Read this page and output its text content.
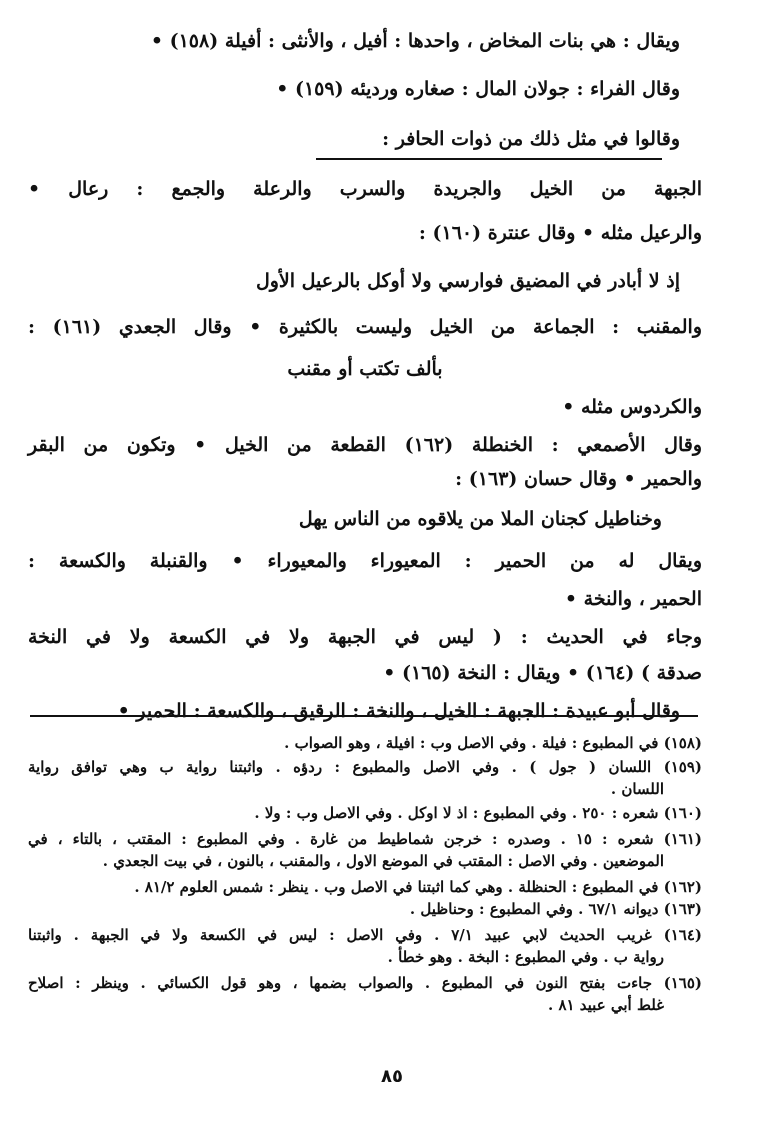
ويقال : هي بنات المخاض ، واحدها : أفيل ، والأنثى : أفيلة (١٥٨) •
وقال الفراء : جولان المال : صغاره ورديئه (١٥٩) •
وقالوا في مثل ذلك من ذوات الحافر :
الجبهة من الخيل والجريدة والسرب والرعلة والجمع : رعال •
والرعيل مثله • وقال عنترة (١٦٠) :
إذ لا أبادر في المضيق فوارسي ولا أوكل بالرعيل الأول
والمقنب : الجماعة من الخيل وليست بالكثيرة • وقال الجعدي (١٦١) :
بألف تكتب أو مقنب
والكردوس مثله •
وقال الأصمعي : الخنطلة (١٦٢) القطعة من الخيل • وتكون من البقر
والحمير • وقال حسان (١٦٣) :
وخناطيل كجنان الملا من يلاقوه من الناس يهل
ويقال له من الحمير : المعيوراء والمعيوراء • والقنبلة والكسعة :
الحمير ، والنخة •
وجاء في الحديث : ( ليس في الجبهة ولا في الكسعة ولا في النخة
صدقة ) (١٦٤) • ويقال : النخة (١٦٥) •
وقال أبو عبيدة : الجبهة : الخيل ، والنخة : الرقيق ، والكسعة : الحمير •
(١٥٨) في المطبوع : فيلة . وفي الاصل وب : افيلة ، وهو الصواب .
(١٥٩) اللسان ( جول ) . وفي الاصل والمطبوع : ردؤه . واثبتنا رواية ب وهي توافق رواية
اللسان .
(١٦٠) شعره : ٢٥٠ . وفي المطبوع : اذ لا اوكل . وفي الاصل وب : ولا .
(١٦١) شعره : ١٥ . وصدره : خرجن شماطيط من غارة . وفي المطبوع : المقتب ، بالتاء ، في
الموضعين . وفي الاصل : المقتب في الموضع الاول ، والمقنب ، بالنون ، في بيت الجعدي .
(١٦٢) في المطبوع : الحنظلة . وهي كما اثبتنا في الاصل وب . ينظر : شمس العلوم ٨١/٢ .
(١٦٣) ديوانه ٦٧/١ . وفي المطبوع : وحناظيل .
(١٦٤) غريب الحديث لابي عبيد ٧/١ . وفي الاصل : ليس في الكسعة ولا في الجبهة . واثبتنا
رواية ب . وفي المطبوع : البخة . وهو خطأ .
(١٦٥) جاءت بفتح النون في المطبوع . والصواب بضمها ، وهو قول الكسائي . وينظر : اصلاح
غلط أبي عبيد ٨١ .
٨٥
